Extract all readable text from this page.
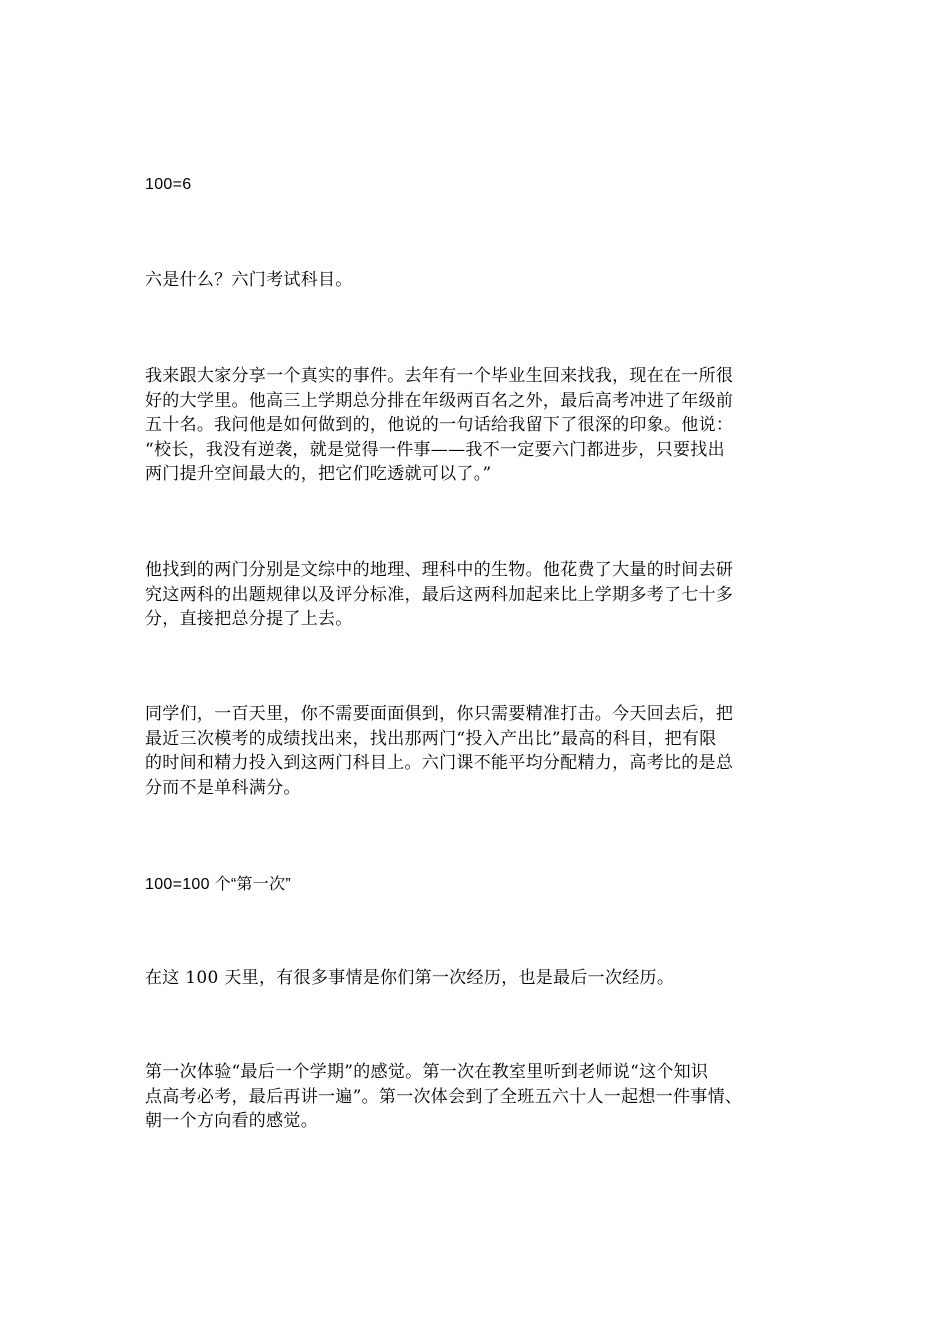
100=6

六是什么？六门考试科目。

我来跟大家分享一个真实的事件。去年有一个毕业生回来找我，现在在一所很
好的大学里。他高三上学期总分排在年级两百名之外，最后高考冲进了年级前
五十名。我问他是如何做到的，他说的一句话给我留下了很深的印象。他说：
“校长，我没有逆袭，就是觉得一件事——我不一定要六门都进步，只要找出
两门提升空间最大的，把它们吃透就可以了。”

他找到的两门分别是文综中的地理、理科中的生物。他花费了大量的时间去研
究这两科的出题规律以及评分标准，最后这两科加起来比上学期多考了七十多
分，直接把总分提了上去。

同学们，一百天里，你不需要面面俱到，你只需要精准打击。今天回去后，把
最近三次模考的成绩找出来，找出那两门“投入产出比”最高的科目，把有限
的时间和精力投入到这两门科目上。六门课不能平均分配精力，高考比的是总
分而不是单科满分。

100=100 个“第一次”

在这 100 天里，有很多事情是你们第一次经历，也是最后一次经历。

第一次体验“最后一个学期”的感觉。第一次在教室里听到老师说“这个知识
点高考必考，最后再讲一遍”。第一次体会到了全班五六十人一起想一件事情、
朝一个方向看的感觉。
